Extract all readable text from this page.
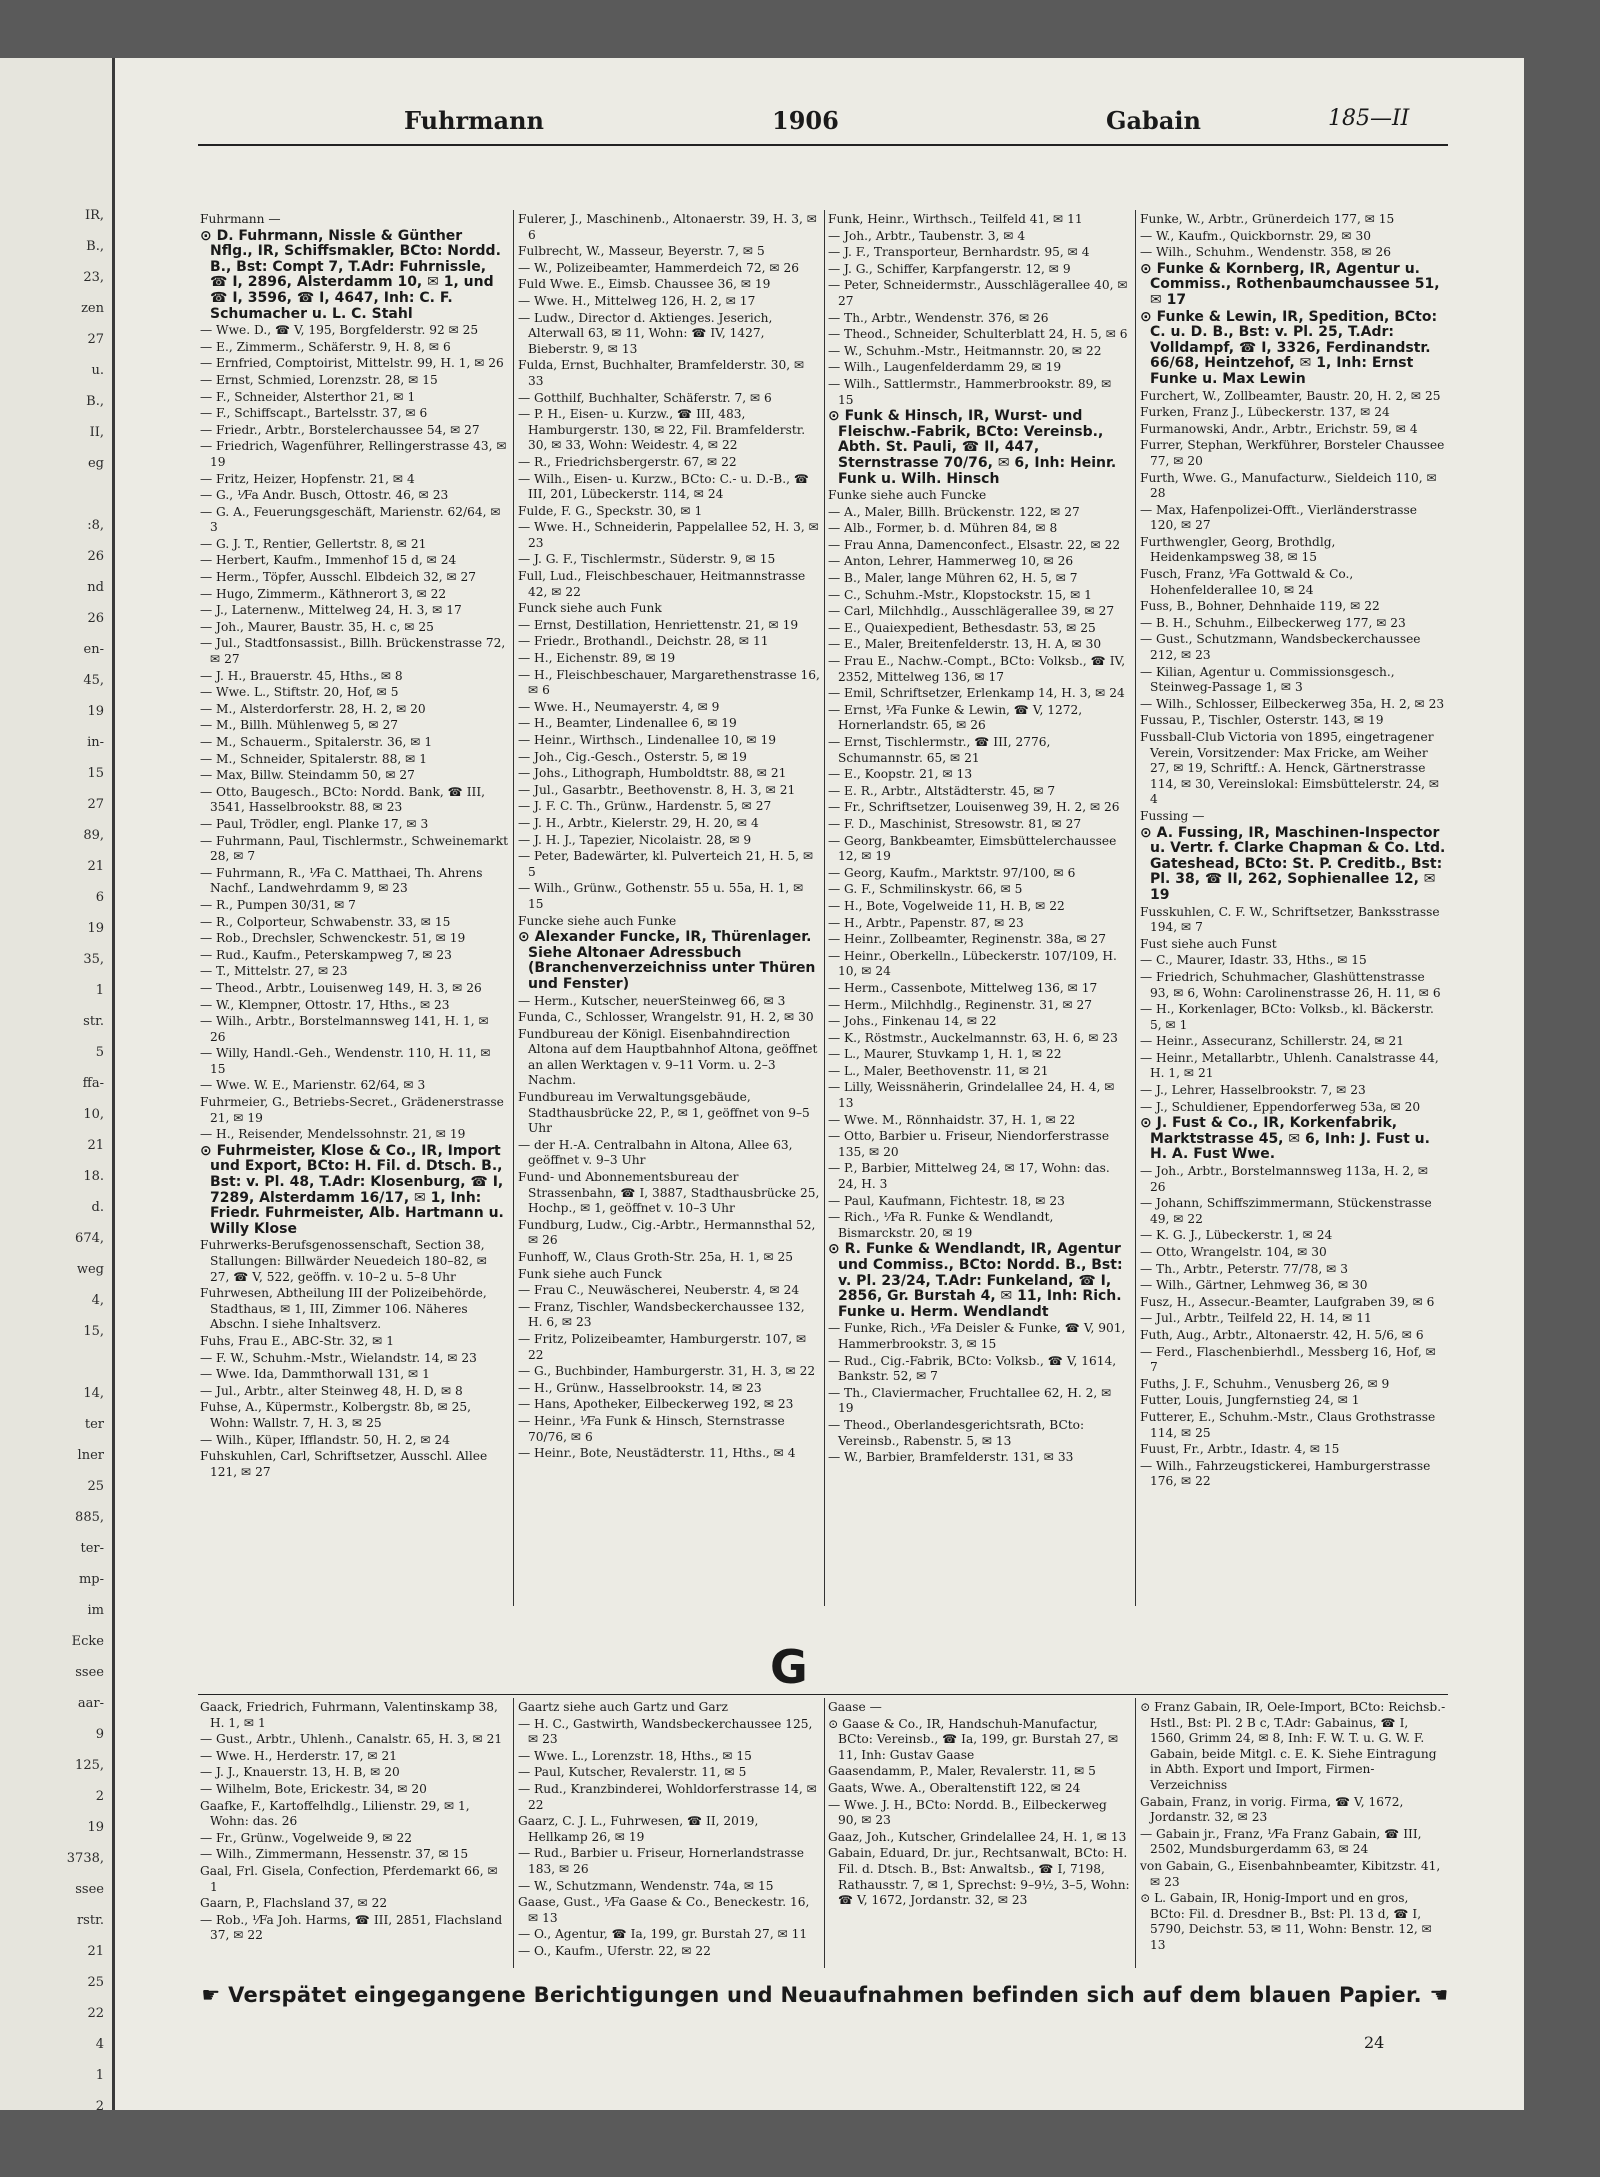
IR,
B.,
23,
zen
27
u.
B.,
II,
eg
:8,
26
nd
26
en-
45,
19
in-
15
27
89,
21
6
19
35,
1
str.
5
ffa-
10,
21
18.
d.
674,
weg
4,
15,
14,
ter
lner
25
885,
ter-
mp-
im
Ecke
ssee
aar-
9
125,
2
19
3738,
ssee
rstr.
21
25
22
4
1
2
Fuhrmann	1906	Gabain	185—II
Fuhrmann —
⊙ D. Fuhrmann, Nissle & Günther Nflg., IR, Schiffsmakler, BCto: Nordd. B., Bst: Compt 7, T.Adr: Fuhrnissle, ☎ I, 2896, Alsterdamm 10, ✉ 1, und ☎ I, 3596, ☎ I, 4647, Inh: C. F. Schumacher u. L. C. Stahl
— Wwe. D., ☎ V, 195, Borgfelderstr. 92 ✉ 25
— E., Zimmerm., Schäferstr. 9, H. 8, ✉ 6
— Ernfried, Comptoirist, Mittelstr. 99, H. 1, ✉ 26
— Ernst, Schmied, Lorenzstr. 28, ✉ 15
— F., Schneider, Alsterthor 21, ✉ 1
— F., Schiffscapt., Bartelsstr. 37, ✉ 6
— Friedr., Arbtr., Borstelerchaussee 54, ✉ 27
— Friedrich, Wagenführer, Rellingerstrasse 43, ✉ 19
— Fritz, Heizer, Hopfenstr. 21, ✉ 4
— G., ⅟Fa Andr. Busch, Ottostr. 46, ✉ 23
— G. A., Feuerungsgeschäft, Marienstr. 62/64, ✉ 3
— G. J. T., Rentier, Gellertstr. 8, ✉ 21
— Herbert, Kaufm., Immenhof 15 d, ✉ 24
— Herm., Töpfer, Ausschl. Elbdeich 32, ✉ 27
— Hugo, Zimmerm., Käthnerort 3, ✉ 22
— J., Laternenw., Mittelweg 24, H. 3, ✉ 17
— Joh., Maurer, Baustr. 35, H. c, ✉ 25
— Jul., Stadtfonsassist., Billh. Brückenstrasse 72, ✉ 27
— J. H., Brauerstr. 45, Hths., ✉ 8
— Wwe. L., Stiftstr. 20, Hof, ✉ 5
— M., Alsterdorferstr. 28, H. 2, ✉ 20
— M., Billh. Mühlenweg 5, ✉ 27
— M., Schauerm., Spitalerstr. 36, ✉ 1
— M., Schneider, Spitalerstr. 88, ✉ 1
— Max, Billw. Steindamm 50, ✉ 27
— Otto, Baugesch., BCto: Nordd. Bank, ☎ III, 3541, Hasselbrookstr. 88, ✉ 23
— Paul, Trödler, engl. Planke 17, ✉ 3
— Fuhrmann, Paul, Tischlermstr., Schweinemarkt 28, ✉ 7
— Fuhrmann, R., ⅟Fa C. Matthaei, Th. Ahrens Nachf., Landwehrdamm 9, ✉ 23
— R., Pumpen 30/31, ✉ 7
— R., Colporteur, Schwabenstr. 33, ✉ 15
— Rob., Drechsler, Schwenckestr. 51, ✉ 19
— Rud., Kaufm., Peterskampweg 7, ✉ 23
— T., Mittelstr. 27, ✉ 23
— Theod., Arbtr., Louisenweg 149, H. 3, ✉ 26
— W., Klempner, Ottostr. 17, Hths., ✉ 23
— Wilh., Arbtr., Borstelmannsweg 141, H. 1, ✉ 26
— Willy, Handl.-Geh., Wendenstr. 110, H. 11, ✉ 15
— Wwe. W. E., Marienstr. 62/64, ✉ 3
Fuhrmeier, G., Betriebs-Secret., Grädenerstrasse 21, ✉ 19
— H., Reisender, Mendelssohnstr. 21, ✉ 19
⊙ Fuhrmeister, Klose & Co., IR, Import und Export, BCto: H. Fil. d. Dtsch. B., Bst: v. Pl. 48, T.Adr: Klosenburg, ☎ I, 7289, Alsterdamm 16/17, ✉ 1, Inh: Friedr. Fuhrmeister, Alb. Hartmann u. Willy Klose
Fuhrwerks-Berufsgenossenschaft, Section 38, Stallungen: Billwärder Neuedeich 180–82, ✉ 27, ☎ V, 522, geöffn. v. 10–2 u. 5–8 Uhr
Fuhrwesen, Abtheilung III der Polizeibehörde, Stadthaus, ✉ 1, III, Zimmer 106. Näheres Abschn. I siehe Inhaltsverz.
Fuhs, Frau E., ABC-Str. 32, ✉ 1
— F. W., Schuhm.-Mstr., Wielandstr. 14, ✉ 23
— Wwe. Ida, Dammthorwall 131, ✉ 1
— Jul., Arbtr., alter Steinweg 48, H. D, ✉ 8
Fuhse, A., Küpermstr., Kolbergstr. 8b, ✉ 25, Wohn: Wallstr. 7, H. 3, ✉ 25
— Wilh., Küper, Ifflandstr. 50, H. 2, ✉ 24
Fuhskuhlen, Carl, Schriftsetzer, Ausschl. Allee 121, ✉ 27
Fulerer, J., Maschinenb., Altonaerstr. 39, H. 3, ✉ 6
Fulbrecht, W., Masseur, Beyerstr. 7, ✉ 5
— W., Polizeibeamter, Hammerdeich 72, ✉ 26
Fuld Wwe. E., Eimsb. Chaussee 36, ✉ 19
— Wwe. H., Mittelweg 126, H. 2, ✉ 17
— Ludw., Director d. Aktienges. Jeserich, Alterwall 63, ✉ 11, Wohn: ☎ IV, 1427, Bieberstr. 9, ✉ 13
Fulda, Ernst, Buchhalter, Bramfelderstr. 30, ✉ 33
— Gotthilf, Buchhalter, Schäferstr. 7, ✉ 6
— P. H., Eisen- u. Kurzw., ☎ III, 483, Hamburgerstr. 130, ✉ 22, Fil. Bramfelderstr. 30, ✉ 33, Wohn: Weidestr. 4, ✉ 22
— R., Friedrichsbergerstr. 67, ✉ 22
— Wilh., Eisen- u. Kurzw., BCto: C.- u. D.-B., ☎ III, 201, Lübeckerstr. 114, ✉ 24
Fulde, F. G., Speckstr. 30, ✉ 1
— Wwe. H., Schneiderin, Pappelallee 52, H. 3, ✉ 23
— J. G. F., Tischlermstr., Süderstr. 9, ✉ 15
Full, Lud., Fleischbeschauer, Heitmannstrasse 42, ✉ 22
Funck siehe auch Funk
— Ernst, Destillation, Henriettenstr. 21, ✉ 19
— Friedr., Brothandl., Deichstr. 28, ✉ 11
— H., Eichenstr. 89, ✉ 19
— H., Fleischbeschauer, Margarethenstrasse 16, ✉ 6
— Wwe. H., Neumayerstr. 4, ✉ 9
— H., Beamter, Lindenallee 6, ✉ 19
— Heinr., Wirthsch., Lindenallee 10, ✉ 19
— Joh., Cig.-Gesch., Osterstr. 5, ✉ 19
— Johs., Lithograph, Humboldtstr. 88, ✉ 21
— Jul., Gasarbtr., Beethovenstr. 8, H. 3, ✉ 21
— J. F. C. Th., Grünw., Hardenstr. 5, ✉ 27
— J. H., Arbtr., Kielerstr. 29, H. 20, ✉ 4
— J. H. J., Tapezier, Nicolaistr. 28, ✉ 9
— Peter, Badewärter, kl. Pulverteich 21, H. 5, ✉ 5
— Wilh., Grünw., Gothenstr. 55 u. 55a, H. 1, ✉ 15
Funcke siehe auch Funke
⊙ Alexander Funcke, IR, Thürenlager. Siehe Altonaer Adressbuch (Branchenverzeichniss unter Thüren und Fenster)
— Herm., Kutscher, neuerSteinweg 66, ✉ 3
Funda, C., Schlosser, Wrangelstr. 91, H. 2, ✉ 30
Fundbureau der Königl. Eisenbahndirection Altona auf dem Hauptbahnhof Altona, geöffnet an allen Werktagen v. 9–11 Vorm. u. 2–3 Nachm.
Fundbureau im Verwaltungsgebäude, Stadthausbrücke 22, P., ✉ 1, geöffnet von 9–5 Uhr
— der H.-A. Centralbahn in Altona, Allee 63, geöffnet v. 9–3 Uhr
Fund- und Abonnementsbureau der Strassenbahn, ☎ I, 3887, Stadthausbrücke 25, Hochp., ✉ 1, geöffnet v. 10–3 Uhr
Fundburg, Ludw., Cig.-Arbtr., Hermannsthal 52, ✉ 26
Funhoff, W., Claus Groth-Str. 25a, H. 1, ✉ 25
Funk siehe auch Funck
— Frau C., Neuwäscherei, Neuberstr. 4, ✉ 24
— Franz, Tischler, Wandsbeckerchaussee 132, H. 6, ✉ 23
— Fritz, Polizeibeamter, Hamburgerstr. 107, ✉ 22
— G., Buchbinder, Hamburgerstr. 31, H. 3, ✉ 22
— H., Grünw., Hasselbrookstr. 14, ✉ 23
— Hans, Apotheker, Eilbeckerweg 192, ✉ 23
— Heinr., ⅟Fa Funk & Hinsch, Sternstrasse 70/76, ✉ 6
— Heinr., Bote, Neustädterstr. 11, Hths., ✉ 4
Funk, Heinr., Wirthsch., Teilfeld 41, ✉ 11
— Joh., Arbtr., Taubenstr. 3, ✉ 4
— J. F., Transporteur, Bernhardstr. 95, ✉ 4
— J. G., Schiffer, Karpfangerstr. 12, ✉ 9
— Peter, Schneidermstr., Ausschlägerallee 40, ✉ 27
— Th., Arbtr., Wendenstr. 376, ✉ 26
— Theod., Schneider, Schulterblatt 24, H. 5, ✉ 6
— W., Schuhm.-Mstr., Heitmannstr. 20, ✉ 22
— Wilh., Laugenfelderdamm 29, ✉ 19
— Wilh., Sattlermstr., Hammerbrookstr. 89, ✉ 15
⊙ Funk & Hinsch, IR, Wurst- und Fleischw.-Fabrik, BCto: Vereinsb., Abth. St. Pauli, ☎ II, 447, Sternstrasse 70/76, ✉ 6, Inh: Heinr. Funk u. Wilh. Hinsch
Funke siehe auch Funcke
— A., Maler, Billh. Brückenstr. 122, ✉ 27
— Alb., Former, b. d. Mühren 84, ✉ 8
— Frau Anna, Damenconfect., Elsastr. 22, ✉ 22
— Anton, Lehrer, Hammerweg 10, ✉ 26
— B., Maler, lange Mühren 62, H. 5, ✉ 7
— C., Schuhm.-Mstr., Klopstockstr. 15, ✉ 1
— Carl, Milchhdlg., Ausschlägerallee 39, ✉ 27
— E., Quaiexpedient, Bethesdastr. 53, ✉ 25
— E., Maler, Breitenfelderstr. 13, H. A, ✉ 30
— Frau E., Nachw.-Compt., BCto: Volksb., ☎ IV, 2352, Mittelweg 136, ✉ 17
— Emil, Schriftsetzer, Erlenkamp 14, H. 3, ✉ 24
— Ernst, ⅟Fa Funke & Lewin, ☎ V, 1272, Hornerlandstr. 65, ✉ 26
— Ernst, Tischlermstr., ☎ III, 2776, Schumannstr. 65, ✉ 21
— E., Koopstr. 21, ✉ 13
— E. R., Arbtr., Altstädterstr. 45, ✉ 7
— Fr., Schriftsetzer, Louisenweg 39, H. 2, ✉ 26
— F. D., Maschinist, Stresowstr. 81, ✉ 27
— Georg, Bankbeamter, Eimsbüttelerchaussee 12, ✉ 19
— Georg, Kaufm., Marktstr. 97/100, ✉ 6
— G. F., Schmilinskystr. 66, ✉ 5
— H., Bote, Vogelweide 11, H. B, ✉ 22
— H., Arbtr., Papenstr. 87, ✉ 23
— Heinr., Zollbeamter, Reginenstr. 38a, ✉ 27
— Heinr., Oberkelln., Lübeckerstr. 107/109, H. 10, ✉ 24
— Herm., Cassenbote, Mittelweg 136, ✉ 17
— Herm., Milchhdlg., Reginenstr. 31, ✉ 27
— Johs., Finkenau 14, ✉ 22
— K., Röstmstr., Auckelmannstr. 63, H. 6, ✉ 23
— L., Maurer, Stuvkamp 1, H. 1, ✉ 22
— L., Maler, Beethovenstr. 11, ✉ 21
— Lilly, Weissnäherin, Grindelallee 24, H. 4, ✉ 13
— Wwe. M., Rönnhaidstr. 37, H. 1, ✉ 22
— Otto, Barbier u. Friseur, Niendorferstrasse 135, ✉ 20
— P., Barbier, Mittelweg 24, ✉ 17, Wohn: das. 24, H. 3
— Paul, Kaufmann, Fichtestr. 18, ✉ 23
— Rich., ⅟Fa R. Funke & Wendlandt, Bismarckstr. 20, ✉ 19
⊙ R. Funke & Wendlandt, IR, Agentur und Commiss., BCto: Nordd. B., Bst: v. Pl. 23/24, T.Adr: Funkeland, ☎ I, 2856, Gr. Burstah 4, ✉ 11, Inh: Rich. Funke u. Herm. Wendlandt
— Funke, Rich., ⅟Fa Deisler & Funke, ☎ V, 901, Hammerbrookstr. 3, ✉ 15
— Rud., Cig.-Fabrik, BCto: Volksb., ☎ V, 1614, Bankstr. 52, ✉ 7
— Th., Claviermacher, Fruchtallee 62, H. 2, ✉ 19
— Theod., Oberlandesgerichtsrath, BCto: Vereinsb., Rabenstr. 5, ✉ 13
— W., Barbier, Bramfelderstr. 131, ✉ 33
Funke, W., Arbtr., Grünerdeich 177, ✉ 15
— W., Kaufm., Quickbornstr. 29, ✉ 30
— Wilh., Schuhm., Wendenstr. 358, ✉ 26
⊙ Funke & Kornberg, IR, Agentur u. Commiss., Rothenbaumchaussee 51, ✉ 17
⊙ Funke & Lewin, IR, Spedition, BCto: C. u. D. B., Bst: v. Pl. 25, T.Adr: Volldampf, ☎ I, 3326, Ferdinandstr. 66/68, Heintzehof, ✉ 1, Inh: Ernst Funke u. Max Lewin
Furchert, W., Zollbeamter, Baustr. 20, H. 2, ✉ 25
Furken, Franz J., Lübeckerstr. 137, ✉ 24
Furmanowski, Andr., Arbtr., Erichstr. 59, ✉ 4
Furrer, Stephan, Werkführer, Borsteler Chaussee 77, ✉ 20
Furth, Wwe. G., Manufacturw., Sieldeich 110, ✉ 28
— Max, Hafenpolizei-Offt., Vierländerstrasse 120, ✉ 27
Furthwengler, Georg, Brothdlg, Heidenkampsweg 38, ✉ 15
Fusch, Franz, ⅟Fa Gottwald & Co., Hohenfelderallee 10, ✉ 24
Fuss, B., Bohner, Dehnhaide 119, ✉ 22
— B. H., Schuhm., Eilbeckerweg 177, ✉ 23
— Gust., Schutzmann, Wandsbeckerchaussee 212, ✉ 23
— Kilian, Agentur u. Commissionsgesch., Steinweg-Passage 1, ✉ 3
— Wilh., Schlosser, Eilbeckerweg 35a, H. 2, ✉ 23
Fussau, P., Tischler, Osterstr. 143, ✉ 19
Fussball-Club Victoria von 1895, eingetragener Verein, Vorsitzender: Max Fricke, am Weiher 27, ✉ 19, Schriftf.: A. Henck, Gärtnerstrasse 114, ✉ 30, Vereinslokal: Eimsbüttelerstr. 24, ✉ 4
Fussing —
⊙ A. Fussing, IR, Maschinen-Inspector u. Vertr. f. Clarke Chapman & Co. Ltd. Gateshead, BCto: St. P. Creditb., Bst: Pl. 38, ☎ II, 262, Sophienallee 12, ✉ 19
Fusskuhlen, C. F. W., Schriftsetzer, Banksstrasse 194, ✉ 7
Fust siehe auch Funst
— C., Maurer, Idastr. 33, Hths., ✉ 15
— Friedrich, Schuhmacher, Glashüttenstrasse 93, ✉ 6, Wohn: Carolinenstrasse 26, H. 11, ✉ 6
— H., Korkenlager, BCto: Volksb., kl. Bäckerstr. 5, ✉ 1
— Heinr., Assecuranz, Schillerstr. 24, ✉ 21
— Heinr., Metallarbtr., Uhlenh. Canalstrasse 44, H. 1, ✉ 21
— J., Lehrer, Hasselbrookstr. 7, ✉ 23
— J., Schuldiener, Eppendorferweg 53a, ✉ 20
⊙ J. Fust & Co., IR, Korkenfabrik, Marktstrasse 45, ✉ 6, Inh: J. Fust u. H. A. Fust Wwe.
— Joh., Arbtr., Borstelmannsweg 113a, H. 2, ✉ 26
— Johann, Schiffszimmermann, Stückenstrasse 49, ✉ 22
— K. G. J., Lübeckerstr. 1, ✉ 24
— Otto, Wrangelstr. 104, ✉ 30
— Th., Arbtr., Peterstr. 77/78, ✉ 3
— Wilh., Gärtner, Lehmweg 36, ✉ 30
Fusz, H., Assecur.-Beamter, Laufgraben 39, ✉ 6
— Jul., Arbtr., Teilfeld 22, H. 14, ✉ 11
Futh, Aug., Arbtr., Altonaerstr. 42, H. 5/6, ✉ 6
— Ferd., Flaschenbierhdl., Messberg 16, Hof, ✉ 7
Fuths, J. F., Schuhm., Venusberg 26, ✉ 9
Futter, Louis, Jungfernstieg 24, ✉ 1
Futterer, E., Schuhm.-Mstr., Claus Grothstrasse 114, ✉ 25
Fuust, Fr., Arbtr., Idastr. 4, ✉ 15
— Wilh., Fahrzeugstickerei, Hamburgerstrasse 176, ✉ 22
G
Gaack, Friedrich, Fuhrmann, Valentinskamp 38, H. 1, ✉ 1
— Gust., Arbtr., Uhlenh., Canalstr. 65, H. 3, ✉ 21
— Wwe. H., Herderstr. 17, ✉ 21
— J. J., Knauerstr. 13, H. B, ✉ 20
— Wilhelm, Bote, Erickestr. 34, ✉ 20
Gaafke, F., Kartoffelhdlg., Lilienstr. 29, ✉ 1, Wohn: das. 26
— Fr., Grünw., Vogelweide 9, ✉ 22
— Wilh., Zimmermann, Hessenstr. 37, ✉ 15
Gaal, Frl. Gisela, Confection, Pferdemarkt 66, ✉ 1
Gaarn, P., Flachsland 37, ✉ 22
— Rob., ⅟Fa Joh. Harms, ☎ III, 2851, Flachsland 37, ✉ 22
Gaartz siehe auch Gartz und Garz
— H. C., Gastwirth, Wandsbeckerchaussee 125, ✉ 23
— Wwe. L., Lorenzstr. 18, Hths., ✉ 15
— Paul, Kutscher, Revalerstr. 11, ✉ 5
— Rud., Kranzbinderei, Wohldorferstrasse 14, ✉ 22
Gaarz, C. J. L., Fuhrwesen, ☎ II, 2019, Hellkamp 26, ✉ 19
— Rud., Barbier u. Friseur, Hornerlandstrasse 183, ✉ 26
— W., Schutzmann, Wendenstr. 74a, ✉ 15
Gaase, Gust., ⅟Fa Gaase & Co., Beneckestr. 16, ✉ 13
— O., Agentur, ☎ Ia, 199, gr. Burstah 27, ✉ 11
— O., Kaufm., Uferstr. 22, ✉ 22
Gaase —
⊙ Gaase & Co., IR, Handschuh-Manufactur, BCto: Vereinsb., ☎ Ia, 199, gr. Burstah 27, ✉ 11, Inh: Gustav Gaase
Gaasendamm, P., Maler, Revalerstr. 11, ✉ 5
Gaats, Wwe. A., Oberaltenstift 122, ✉ 24
— Wwe. J. H., BCto: Nordd. B., Eilbeckerweg 90, ✉ 23
Gaaz, Joh., Kutscher, Grindelallee 24, H. 1, ✉ 13
Gabain, Eduard, Dr. jur., Rechtsanwalt, BCto: H. Fil. d. Dtsch. B., Bst: Anwaltsb., ☎ I, 7198, Rathausstr. 7, ✉ 1, Sprechst: 9–9½, 3–5, Wohn: ☎ V, 1672, Jordanstr. 32, ✉ 23
⊙ Franz Gabain, IR, Oele-Import, BCto: Reichsb.-Hstl., Bst: Pl. 2 B c, T.Adr: Gabainus, ☎ I, 1560, Grimm 24, ✉ 8, Inh: F. W. T. u. G. W. F. Gabain, beide Mitgl. c. E. K. Siehe Eintragung in Abth. Export und Import, Firmen-Verzeichniss
Gabain, Franz, in vorig. Firma, ☎ V, 1672, Jordanstr. 32, ✉ 23
— Gabain jr., Franz, ⅟Fa Franz Gabain, ☎ III, 2502, Mundsburgerdamm 63, ✉ 24
von Gabain, G., Eisenbahnbeamter, Kibitzstr. 41, ✉ 23
⊙ L. Gabain, IR, Honig-Import und en gros, BCto: Fil. d. Dresdner B., Bst: Pl. 13 d, ☎ I, 5790, Deichstr. 53, ✉ 11, Wohn: Benstr. 12, ✉ 13
☛ Verspätet eingegangene Berichtigungen und Neuaufnahmen befinden sich auf dem blauen Papier. ☚
24
